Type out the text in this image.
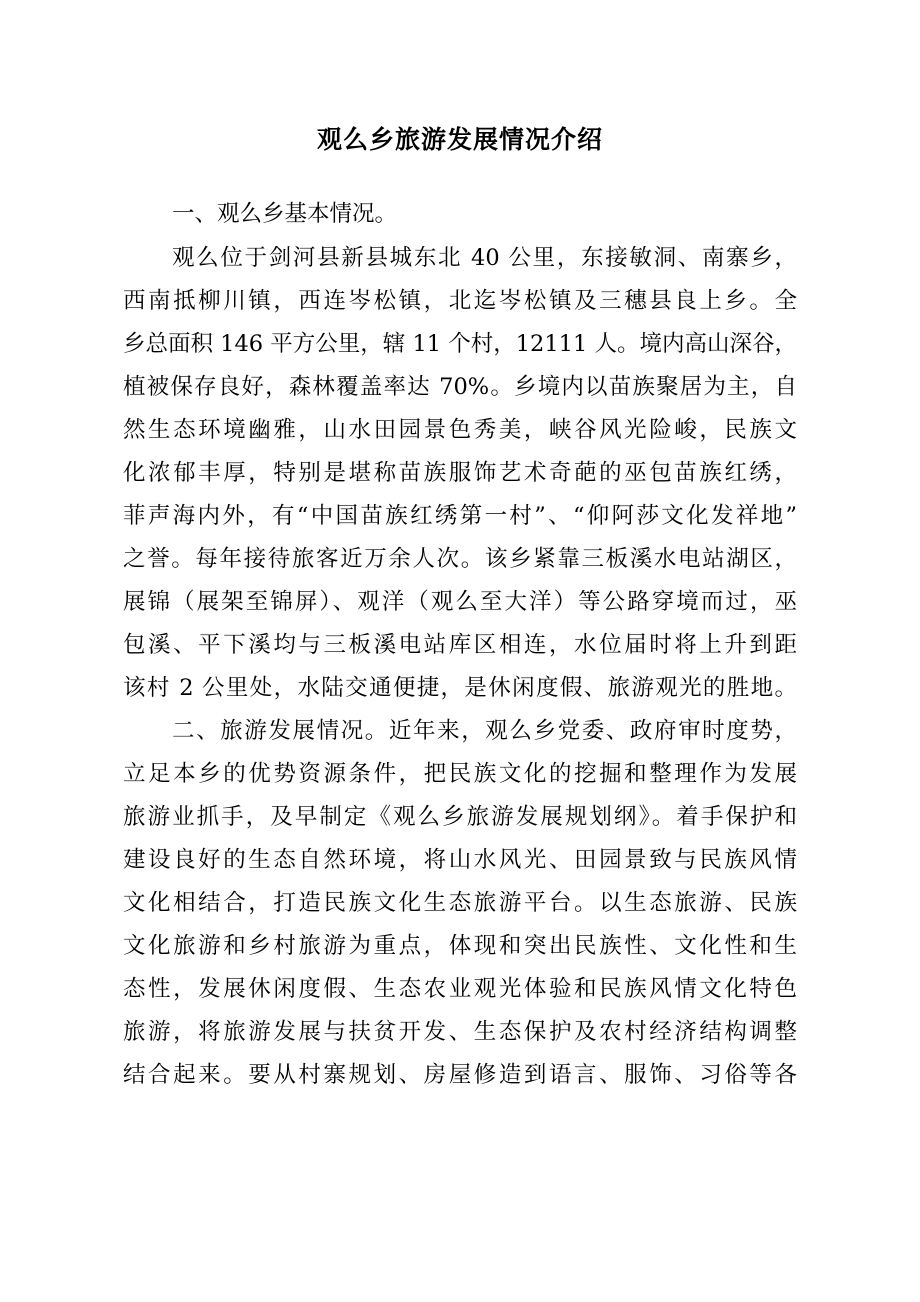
观么乡旅游发展情况介绍
一、观么乡基本情况。
观么位于剑河县新县城东北 40 公里，东接敏洞、南寨乡，
西南抵柳川镇，西连岑松镇，北迄岑松镇及三穗县良上乡。全
乡总面积 146 平方公里，辖 11 个村，12111 人。境内高山深谷，
植被保存良好，森林覆盖率达 70%。乡境内以苗族聚居为主，自
然生态环境幽雅，山水田园景色秀美，峡谷风光险峻，民族文
化浓郁丰厚，特别是堪称苗族服饰艺术奇葩的巫包苗族红绣，
菲声海内外，有“中国苗族红绣第一村”、“仰阿莎文化发祥地”
之誉。每年接待旅客近万余人次。该乡紧靠三板溪水电站湖区，
展锦（展架至锦屏）、观洋（观么至大洋）等公路穿境而过，巫
包溪、平下溪均与三板溪电站库区相连，水位届时将上升到距
该村 2 公里处，水陆交通便捷，是休闲度假、旅游观光的胜地。
二、旅游发展情况。近年来，观么乡党委、政府审时度势，
立足本乡的优势资源条件，把民族文化的挖掘和整理作为发展
旅游业抓手，及早制定《观么乡旅游发展规划纲》。着手保护和
建设良好的生态自然环境，将山水风光、田园景致与民族风情
文化相结合，打造民族文化生态旅游平台。以生态旅游、民族
文化旅游和乡村旅游为重点，体现和突出民族性、文化性和生
态性，发展休闲度假、生态农业观光体验和民族风情文化特色
旅游，将旅游发展与扶贫开发、生态保护及农村经济结构调整
结合起来。要从村寨规划、房屋修造到语言、服饰、习俗等各
